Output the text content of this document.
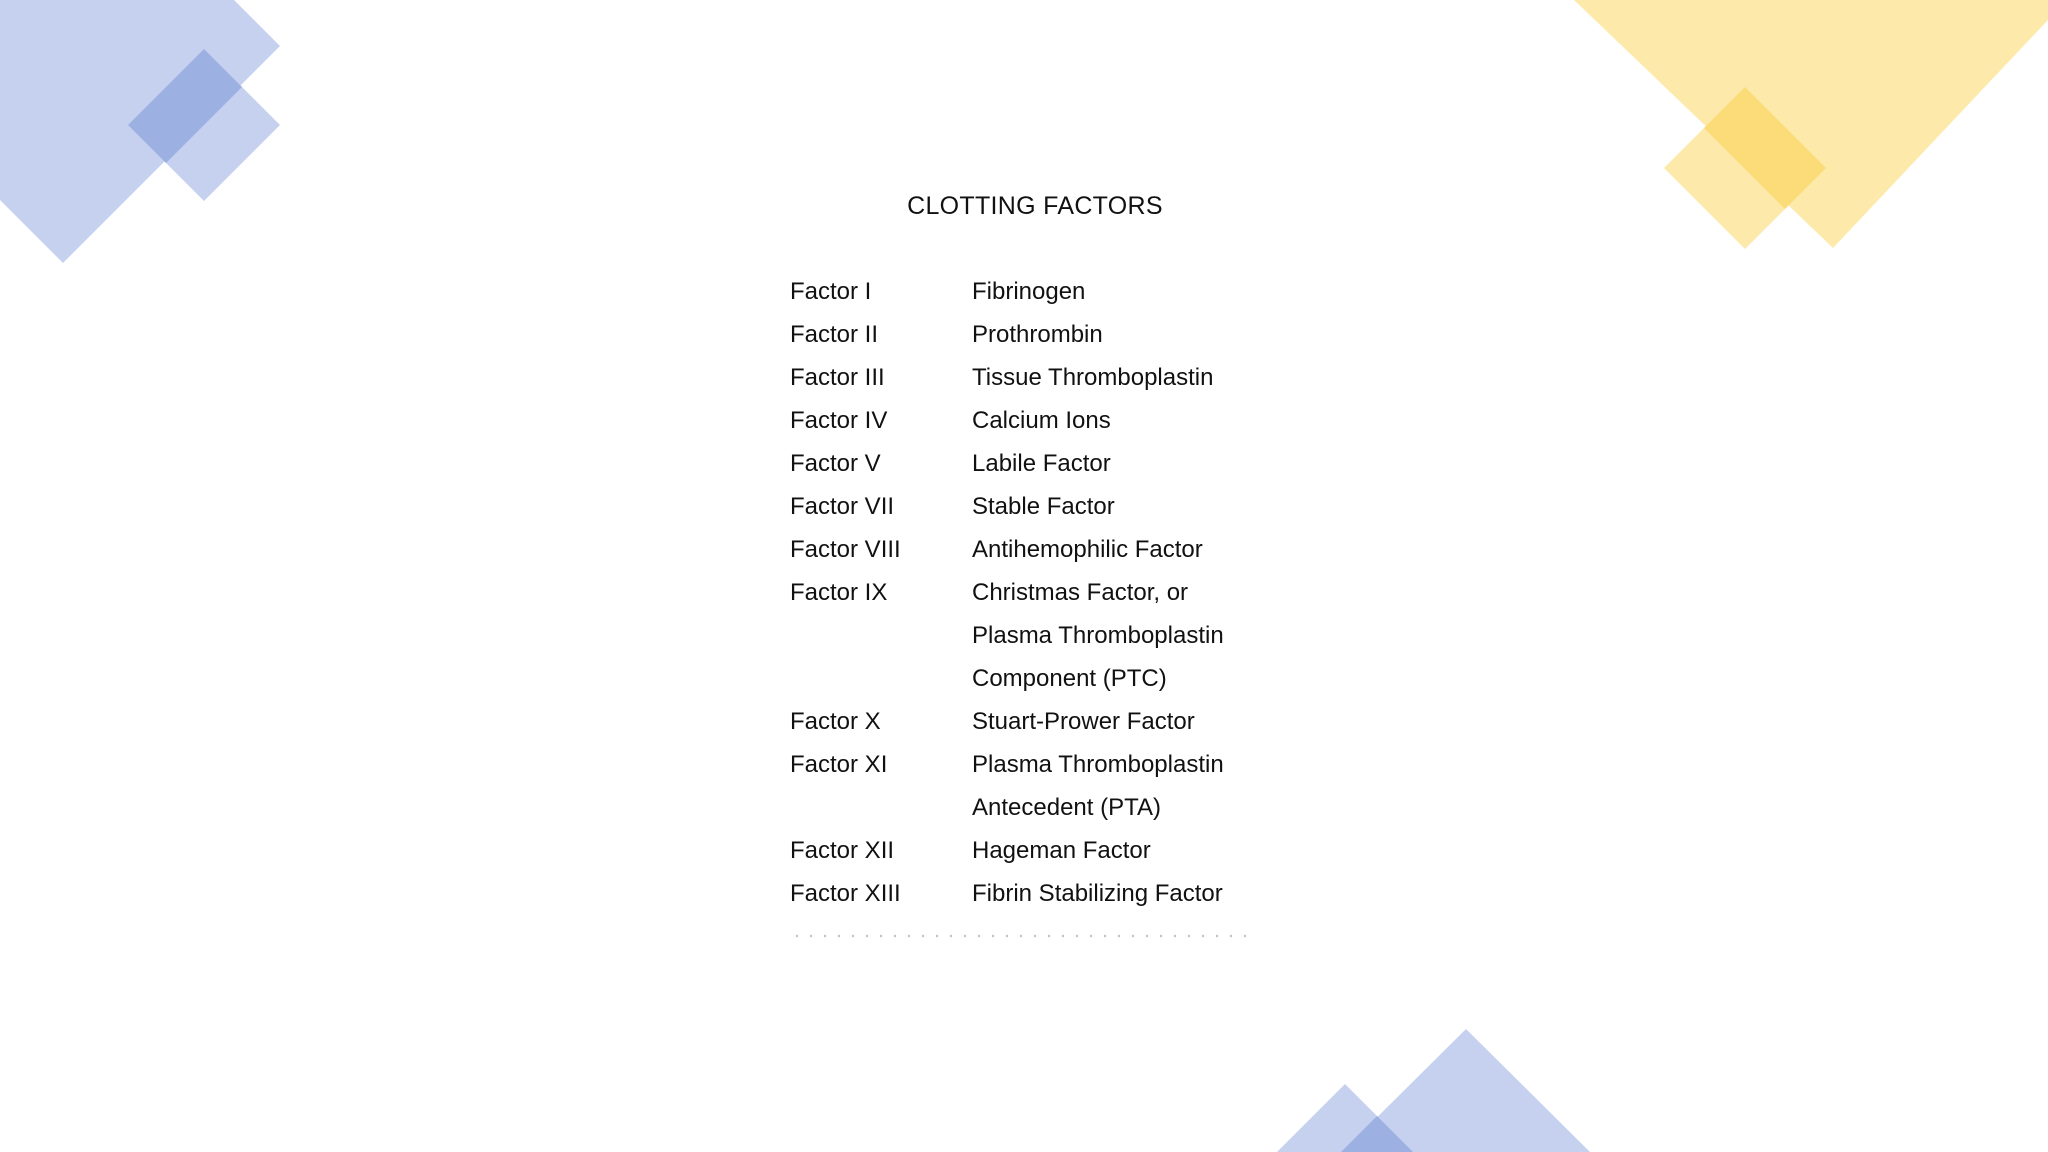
CLOTTING FACTORS
Factor I	Fibrinogen
Factor II	Prothrombin
Factor III	Tissue Thromboplastin
Factor IV	Calcium Ions
Factor V	Labile Factor
Factor VII	Stable Factor
Factor VIII	Antihemophilic Factor
Factor IX	Christmas Factor, or
Plasma Thromboplastin
Component (PTC)
Factor X	Stuart-Prower Factor
Factor XI	Plasma Thromboplastin
Antecedent (PTA)
Factor XII	Hageman Factor
Factor XIII	Fibrin Stabilizing Factor
